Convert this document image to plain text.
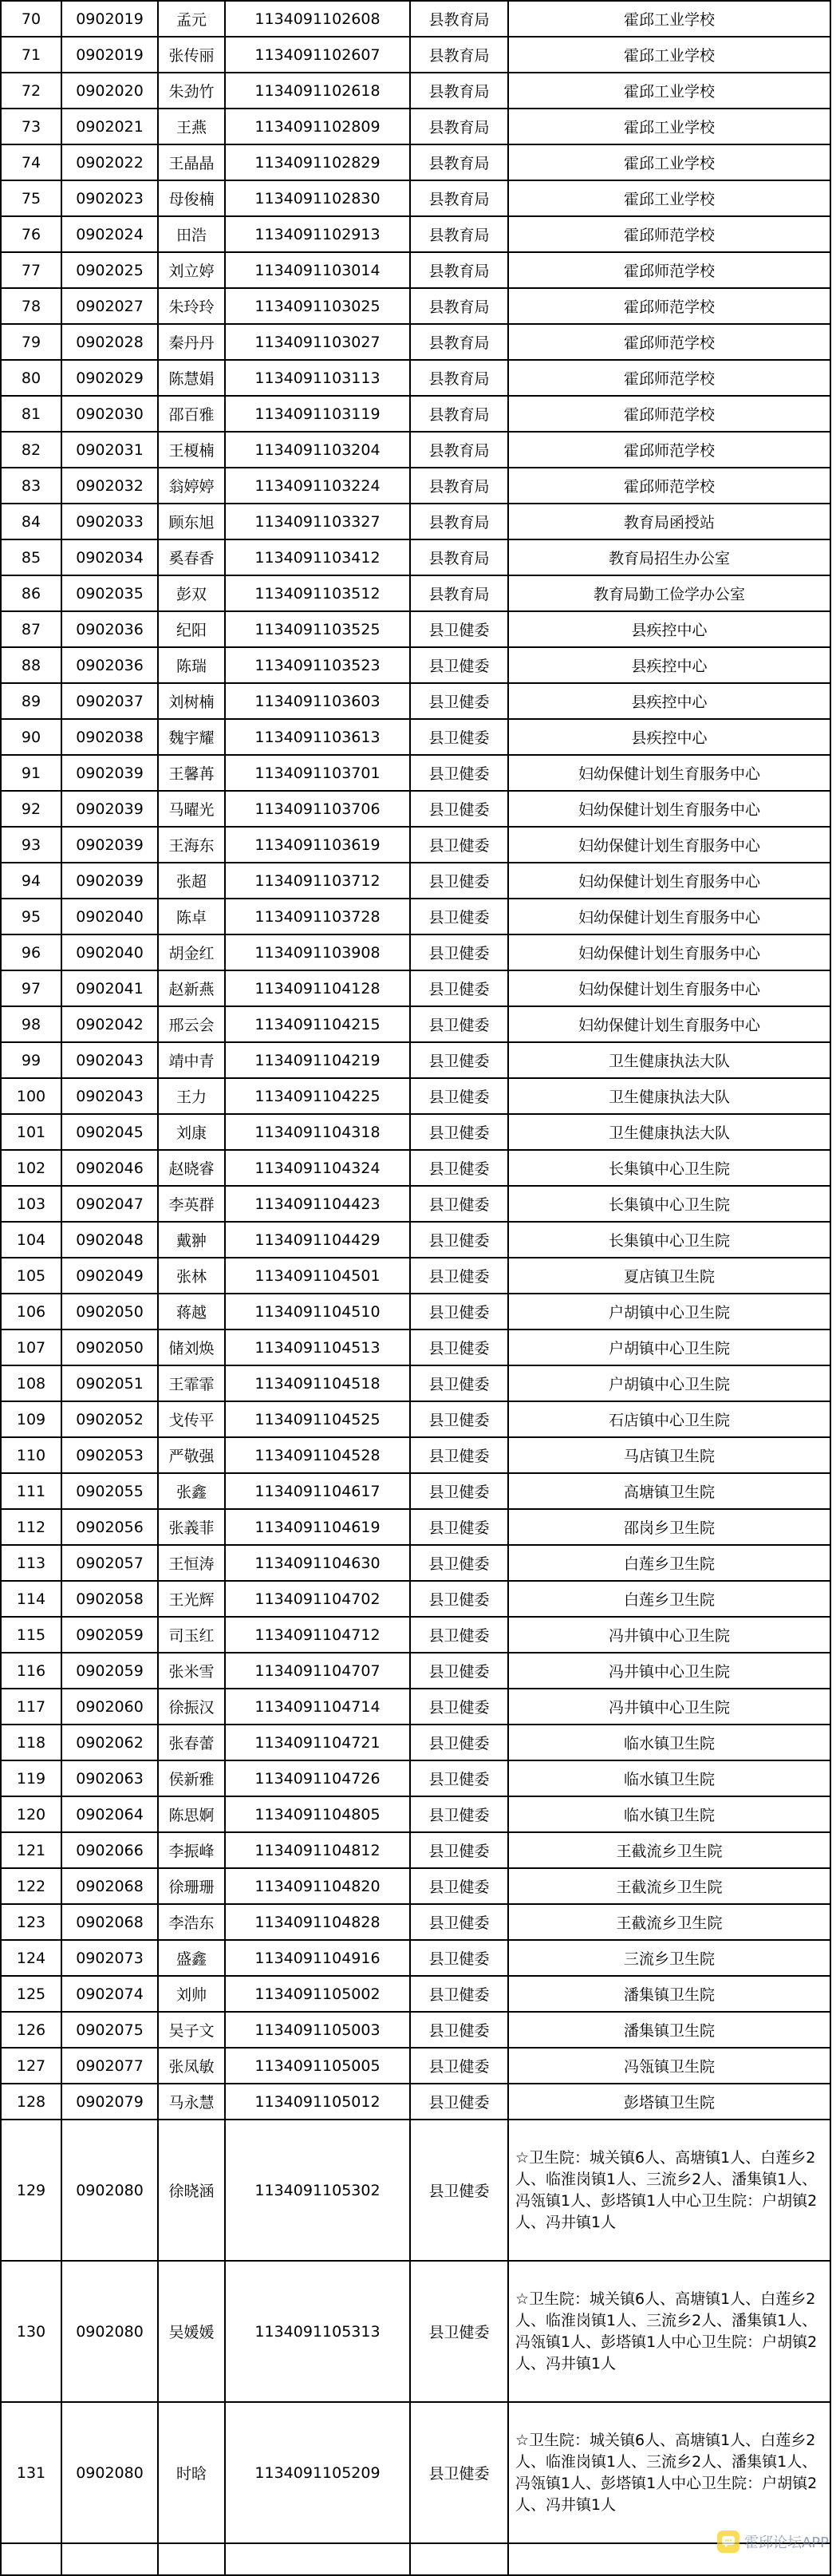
70	0902019	孟元	1134091102608	县教育局	霍邱工业学校
71	0902019	张传丽	1134091102607	县教育局	霍邱工业学校
72	0902020	朱劲竹	1134091102618	县教育局	霍邱工业学校
73	0902021	王燕	1134091102809	县教育局	霍邱工业学校
74	0902022	王晶晶	1134091102829	县教育局	霍邱工业学校
75	0902023	母俊楠	1134091102830	县教育局	霍邱工业学校
76	0902024	田浩	1134091102913	县教育局	霍邱师范学校
77	0902025	刘立婷	1134091103014	县教育局	霍邱师范学校
78	0902027	朱玲玲	1134091103025	县教育局	霍邱师范学校
79	0902028	秦丹丹	1134091103027	县教育局	霍邱师范学校
80	0902029	陈慧娟	1134091103113	县教育局	霍邱师范学校
81	0902030	邵百雅	1134091103119	县教育局	霍邱师范学校
82	0902031	王榎楠	1134091103204	县教育局	霍邱师范学校
83	0902032	翁婷婷	1134091103224	县教育局	霍邱师范学校
84	0902033	顾东旭	1134091103327	县教育局	教育局函授站
85	0902034	奚春香	1134091103412	县教育局	教育局招生办公室
86	0902035	彭双	1134091103512	县教育局	教育局勤工俭学办公室
87	0902036	纪阳	1134091103525	县卫健委	县疾控中心
88	0902036	陈瑞	1134091103523	县卫健委	县疾控中心
89	0902037	刘树楠	1134091103603	县卫健委	县疾控中心
90	0902038	魏宇耀	1134091103613	县卫健委	县疾控中心
91	0902039	王馨苒	1134091103701	县卫健委	妇幼保健计划生育服务中心
92	0902039	马曜光	1134091103706	县卫健委	妇幼保健计划生育服务中心
93	0902039	王海东	1134091103619	县卫健委	妇幼保健计划生育服务中心
94	0902039	张超	1134091103712	县卫健委	妇幼保健计划生育服务中心
95	0902040	陈卓	1134091103728	县卫健委	妇幼保健计划生育服务中心
96	0902040	胡金红	1134091103908	县卫健委	妇幼保健计划生育服务中心
97	0902041	赵新燕	1134091104128	县卫健委	妇幼保健计划生育服务中心
98	0902042	邢云会	1134091104215	县卫健委	妇幼保健计划生育服务中心
99	0902043	靖中青	1134091104219	县卫健委	卫生健康执法大队
100	0902043	王力	1134091104225	县卫健委	卫生健康执法大队
101	0902045	刘康	1134091104318	县卫健委	卫生健康执法大队
102	0902046	赵晓睿	1134091104324	县卫健委	长集镇中心卫生院
103	0902047	李英群	1134091104423	县卫健委	长集镇中心卫生院
104	0902048	戴翀	1134091104429	县卫健委	长集镇中心卫生院
105	0902049	张林	1134091104501	县卫健委	夏店镇卫生院
106	0902050	蒋越	1134091104510	县卫健委	户胡镇中心卫生院
107	0902050	储刘焕	1134091104513	县卫健委	户胡镇中心卫生院
108	0902051	王霏霏	1134091104518	县卫健委	户胡镇中心卫生院
109	0902052	戈传平	1134091104525	县卫健委	石店镇中心卫生院
110	0902053	严敬强	1134091104528	县卫健委	马店镇卫生院
111	0902055	张鑫	1134091104617	县卫健委	高塘镇卫生院
112	0902056	张義菲	1134091104619	县卫健委	邵岗乡卫生院
113	0902057	王恒涛	1134091104630	县卫健委	白莲乡卫生院
114	0902058	王光辉	1134091104702	县卫健委	白莲乡卫生院
115	0902059	司玉红	1134091104712	县卫健委	冯井镇中心卫生院
116	0902059	张米雪	1134091104707	县卫健委	冯井镇中心卫生院
117	0902060	徐振汉	1134091104714	县卫健委	冯井镇中心卫生院
118	0902062	张春蕾	1134091104721	县卫健委	临水镇卫生院
119	0902063	侯新雅	1134091104726	县卫健委	临水镇卫生院
120	0902064	陈思婀	1134091104805	县卫健委	临水镇卫生院
121	0902066	李振峰	1134091104812	县卫健委	王截流乡卫生院
122	0902068	徐珊珊	1134091104820	县卫健委	王截流乡卫生院
123	0902068	李浩东	1134091104828	县卫健委	王截流乡卫生院
124	0902073	盛鑫	1134091104916	县卫健委	三流乡卫生院
125	0902074	刘帅	1134091105002	县卫健委	潘集镇卫生院
126	0902075	吴子文	1134091105003	县卫健委	潘集镇卫生院
127	0902077	张凤敏	1134091105005	县卫健委	冯瓴镇卫生院
128	0902079	马永慧	1134091105012	县卫健委	彭塔镇卫生院
129	0902080	徐晓涵	1134091105302	县卫健委	☆卫生院：城关镇6人、高塘镇1人、白莲乡2人、临淮岗镇1人、三流乡2人、潘集镇1人、冯瓴镇1人、彭塔镇1人中心卫生院：户胡镇2人、冯井镇1人
130	0902080	吴媛媛	1134091105313	县卫健委	☆卫生院：城关镇6人、高塘镇1人、白莲乡2人、临淮岗镇1人、三流乡2人、潘集镇1人、冯瓴镇1人、彭塔镇1人中心卫生院：户胡镇2人、冯井镇1人
131	0902080	时晗	1134091105209	县卫健委	☆卫生院：城关镇6人、高塘镇1人、白莲乡2人、临淮岗镇1人、三流乡2人、潘集镇1人、冯瓴镇1人、彭塔镇1人中心卫生院：户胡镇2人、冯井镇1人

霍邱论坛APP
